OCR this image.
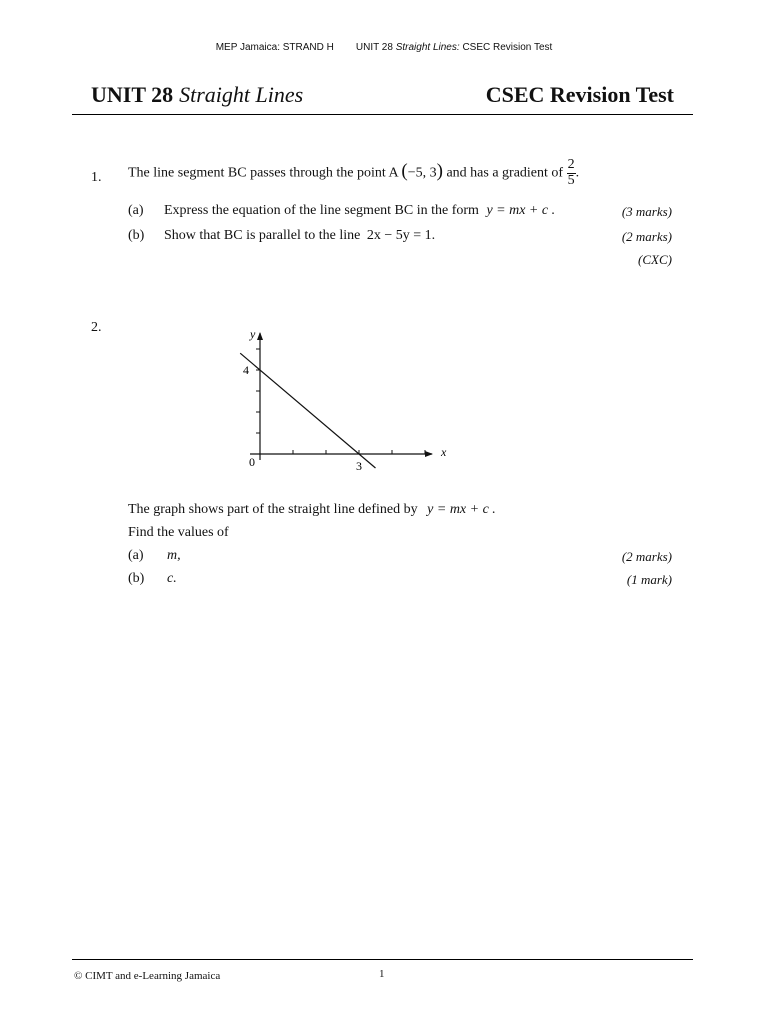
MEP Jamaica: STRAND H UNIT 28 Straight Lines: CSEC Revision Test
UNIT 28 Straight Lines	CSEC Revision Test
1. The line segment BC passes through the point A (−5, 3) and has a gradient of $\frac{2}{5}$ .
(a) Express the equation of the line segment BC in the form y = mx + c .	(3 marks)
(b) Show that BC is parallel to the line 2x − 5y = 1.	(2 marks)
(CXC)
2.	y
x
0
4
3
The graph shows part of the straight line defined by y = mx + c .
Find the values of
(a) m,	(2 marks)
(b) c.	(1 mark)
© CIMT and e-Learning Jamaica	1
